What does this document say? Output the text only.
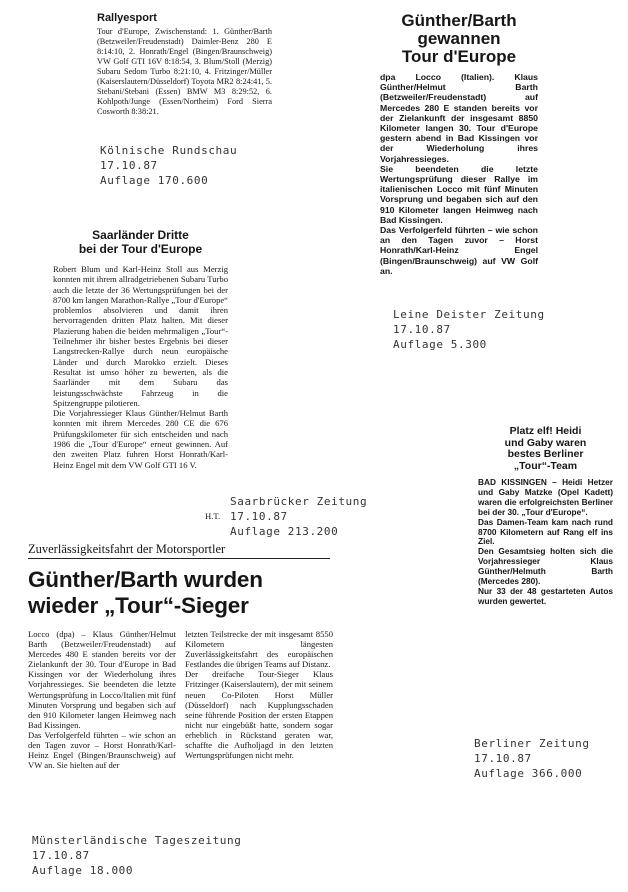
Rallyesport

Tour d'Europe, Zwischenstand: 1. Günther/Barth (Betzweiler/Freudenstadt) Daimler-Benz 280 E 8:14:10, 2. Honrath/Engel (Bingen/Braunschweig) VW Golf GTI 16V 8:18:54, 3. Blum/Stoll (Merzig) Subaru Sedom Turbo 8:21:10, 4. Fritzinger/Müller (Kaiserslautern/Düsseldorf) Toyota MR2 8:24:41, 5. Stebani/Stebani (Essen) BMW M3 8:29:52, 6. Kohlpoth/Junge (Essen/Northeim) Ford Sierra Cosworth 8:38:21.

Kölnische Rundschau
17.10.87
Auflage 170.600
Günther/Barth
gewannen
Tour d'Europe

dpa Locco (Italien). Klaus Günther/Helmut Barth (Betzweiler/Freudenstadt) auf Mercedes 280 E standen bereits vor der Zielankunft der insgesamt 8850 Kilometer langen 30. Tour d'Europe gestern abend in Bad Kissingen vor der Wiederholung ihres Vorjahressieges.
Sie beendeten die letzte Wertungsprüfung dieser Rallye im italienischen Locco mit fünf Minuten Vorsprung und begaben sich auf den 910 Kilometer langen Heimweg nach Bad Kissingen.
Das Verfolgerfeld führten – wie schon an den Tagen zuvor – Horst Honrath/Karl-Heinz Engel (Bingen/Braunschweig) auf VW Golf an.

Leine Deister Zeitung
17.10.87
Auflage 5.300
Saarländer Dritte
bei der Tour d'Europe

Robert Blum und Karl-Heinz Stoll aus Merzig konnten mit ihrem allradgetriebenen Subaru Turbo auch die letzte der 36 Wertungsprüfungen bei der 8700 km langen Marathon-Rallye „Tour d'Europe“ problemlos absolvieren und damit ihren hervorragenden dritten Platz halten. Mit dieser Plazierung haben die beiden mehrmaligen „Tour“-Teilnehmer ihr bisher bestes Ergebnis bei dieser Langstrecken-Rallye durch neun europäische Länder und durch Marokko erzielt. Dieses Resultat ist umso höher zu bewerten, als die Saarländer mit dem Subaru das leistungsschwächste Fahrzeug in die Spitzengruppe pilotieren.
Die Vorjahressieger Klaus Günther/Helmut Barth konnten mit ihrem Mercedes 280 CE die 676 Prüfungskilometer für sich entscheiden und nach 1986 die „Tour d'Europe“ erneut gewinnen. Auf den zweiten Platz fuhren Horst Honrath/Karl-Heinz Engel mit dem VW Golf GTI 16 V.

H.T.
Saarbrücker Zeitung
17.10.87
Auflage 213.200
Platz elf! Heidi
und Gaby waren
bestes Berliner
„Tour“-Team

BAD KISSINGEN – Heidi Hetzer und Gaby Matzke (Opel Kadett) waren die erfolgreichsten Berliner bei der 30. „Tour d'Europe“.
Das Damen-Team kam nach rund 8700 Kilometern auf Rang elf ins Ziel.
Den Gesamtsieg holten sich die Vorjahressieger Klaus Günther/Helmuth Barth (Mercedes 280).
Nur 33 der 48 gestarteten Autos wurden gewertet.

Berliner Zeitung
17.10.87
Auflage 366.000
Zuverlässigkeitsfahrt der Motorsportler
Günther/Barth wurden
wieder „Tour“-Sieger

Locco (dpa) – Klaus Günther/Helmut Barth (Betzweiler/Freudenstadt) auf Mercedes 480 E standen bereits vor der Zielankunft der 30. Tour d'Europe in Bad Kissingen vor der Wiederholung ihres Vorjahressieges. Sie beendeten die letzte Wertungsprüfung in Locco/Italien mit fünf Minuten Vorsprung und begaben sich auf den 910 Kilometer langen Heimweg nach Bad Kissingen.
Das Verfolgerfeld führten – wie schon an den Tagen zuvor – Horst Honrath/Karl-Heinz Engel (Bingen/Braunschweig) auf VW an. Sie hielten auf der

letzten Teilstrecke der mit insgesamt 8550 Kilometern längesten Zuverlässigkeitsfahrt des europäischen Festlandes die übrigen Teams auf Distanz.
Der dreifache Tour-Sieger Klaus Fritzinger (Kaiserslautern), der mit seinem neuen Co-Piloten Horst Müller (Düsseldorf) nach Kupplungsschaden seine führende Position der ersten Etappen nicht nur eingebüßt hatte, sondern sogar erheblich in Rückstand geraten war, schaffte die Aufholjagd in den letzten Wertungsprüfungen nicht mehr.

Münsterländische Tageszeitung
17.10.87
Auflage 18.000
